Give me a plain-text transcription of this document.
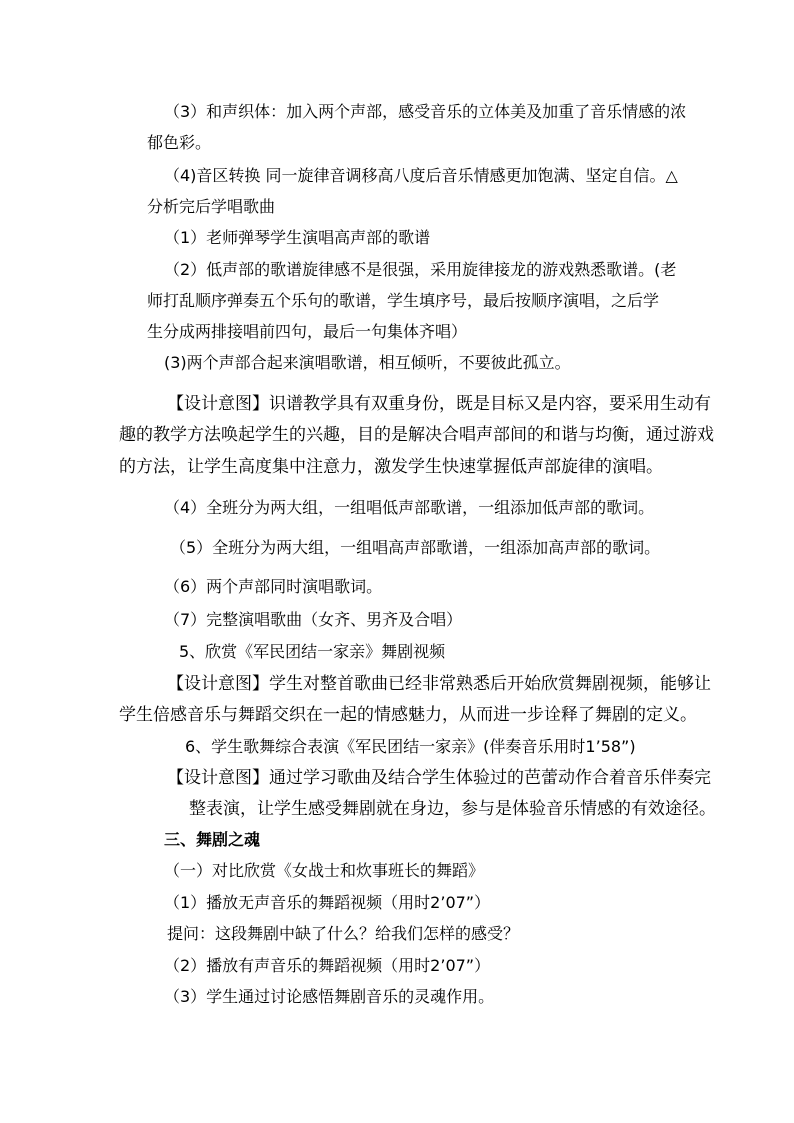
（3）和声织体：加入两个声部，感受音乐的立体美及加重了音乐情感的浓
郁色彩。
（4)音区转换 同一旋律音调移高八度后音乐情感更加饱满、坚定自信。△
分析完后学唱歌曲
（1）老师弹琴学生演唱高声部的歌谱
（2）低声部的歌谱旋律感不是很强，采用旋律接龙的游戏熟悉歌谱。(老
师打乱顺序弹奏五个乐句的歌谱，学生填序号，最后按顺序演唱，之后学
生分成两排接唱前四句，最后一句集体齐唱）
(3)两个声部合起来演唱歌谱，相互倾听，不要彼此孤立。
【设计意图】识谱教学具有双重身份，既是目标又是内容，要采用生动有
趣的教学方法唤起学生的兴趣，目的是解决合唱声部间的和谐与均衡，通过游戏
的方法，让学生高度集中注意力，激发学生快速掌握低声部旋律的演唱。
（4）全班分为两大组，一组唱低声部歌谱，一组添加低声部的歌词。
（5）全班分为两大组，一组唱高声部歌谱，一组添加高声部的歌词。
（6）两个声部同时演唱歌词。
（7）完整演唱歌曲（女齐、男齐及合唱）
5、欣赏《军民团结一家亲》舞剧视频
【设计意图】学生对整首歌曲已经非常熟悉后开始欣赏舞剧视频，能够让
学生倍感音乐与舞蹈交织在一起的情感魅力，从而进一步诠释了舞剧的定义。
6、学生歌舞综合表演《军民团结一家亲》(伴奏音乐用时1’58”)
【设计意图】通过学习歌曲及结合学生体验过的芭蕾动作合着音乐伴奏完
整表演，让学生感受舞剧就在身边，参与是体验音乐情感的有效途径。
三、舞剧之魂
（一）对比欣赏《女战士和炊事班长的舞蹈》
（1）播放无声音乐的舞蹈视频（用时2’07”）
提问：这段舞剧中缺了什么？给我们怎样的感受？
（2）播放有声音乐的舞蹈视频（用时2’07”）
（3）学生通过讨论感悟舞剧音乐的灵魂作用。
